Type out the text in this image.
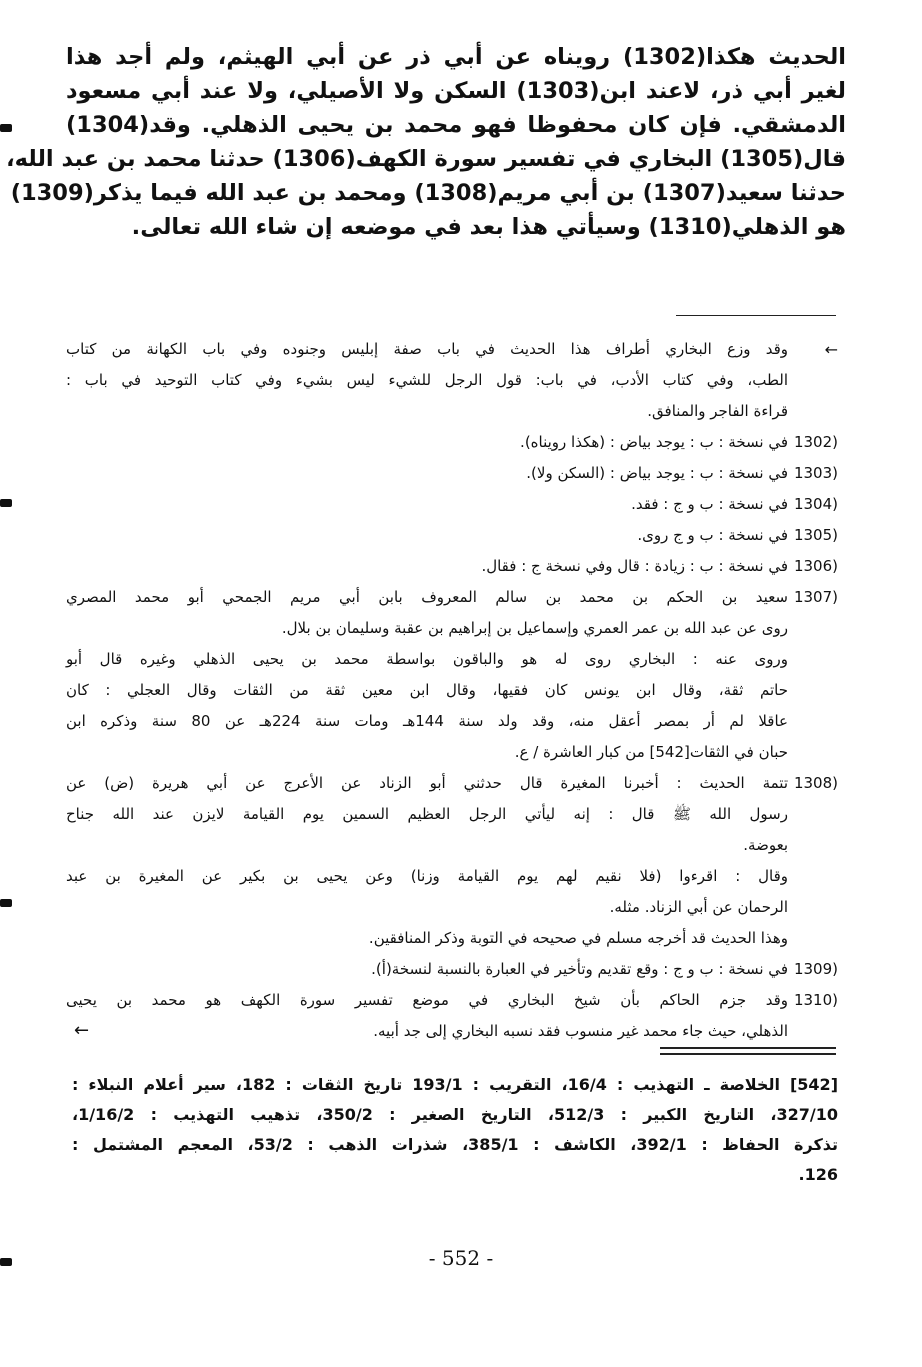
الحديث هكذا(1302) رويناه عن أبي ذر عن أبي الهيثم، ولم أجد هذا
لغير أبي ذر، لاعند ابن(1303) السكن ولا الأصيلي، ولا عند أبي مسعود
الدمشقي. فإن كان محفوظا فهو محمد بن يحيى الذهلي. وقد(1304)
قال(1305) البخاري في تفسير سورة الكهف(1306) حدثنا محمد بن عبد الله،
حدثنا سعيد(1307) بن أبي مريم(1308) ومحمد بن عبد الله فيما يذكر(1309)
هو الذهلي(1310) وسيأتي هذا بعد في موضعه إن شاء الله تعالى.
←
وقد وزع البخاري أطراف هذا الحديث في باب صفة إبليس وجنوده وفي باب الكهانة من كتاب
الطب، وفي كتاب الأدب، في باب: قول الرجل للشيء ليس بشيء وفي كتاب التوحيد في باب :
قراءة الفاجر والمنافق.
1302)
في نسخة : ب : يوجد بياض : (هكذا رويناه).
1303)
في نسخة : ب : يوجد بياض : (السكن ولا).
1304)
في نسخة : ب و ج : فقد.
1305)
في نسخة : ب و ج روى.
1306)
في نسخة : ب : زيادة : قال وفي نسخة ج : فقال.
1307)
سعيد بن الحكم بن محمد بن سالم المعروف بابن أبي مريم الجمحي أبو محمد المصري
روى عن عبد الله بن عمر العمري وإسماعيل بن إبراهيم بن عقبة وسليمان بن بلال.
وروى عنه : البخاري روى له هو والباقون بواسطة محمد بن يحيى الذهلي وغيره قال أبو
حاتم ثقة، وقال ابن يونس كان فقيها، وقال ابن معين ثقة من الثقات وقال العجلي : كان
عاقلا لم أر بمصر أعقل منه، وقد ولد سنة 144هـ ومات سنة 224هـ عن 80 سنة وذكره ابن
حبان في الثقات[542] من كبار العاشرة / ع.
1308)
تتمة الحديث : أخبرنا المغيرة قال حدثني أبو الزناد عن الأعرج عن أبي هريرة (ض) عن
رسول الله ﷺ قال : إنه ليأتي الرجل العظيم السمين يوم القيامة لايزن عند الله جناح
بعوضة.
وقال : اقرءوا (فلا نقيم لهم يوم القيامة وزنا) وعن يحيى بن بكير عن المغيرة بن عبد
الرحمان عن أبي الزناد. مثله.
وهذا الحديث قد أخرجه مسلم في صحيحه في التوبة وذكر المنافقين.
1309)
في نسخة : ب و ج : وقع تقديم وتأخير في العبارة بالنسبة لنسخة(أ).
1310)
وقد جزم الحاكم بأن شيخ البخاري في موضع تفسير سورة الكهف هو محمد بن يحيى
الذهلي، حيث جاء محمد غير منسوب فقد نسبه البخاري إلى جد أبيه.
←
[542] الخلاصة ـ التهذيب : 16/4، التقريب : 193/1 تاريخ الثقات : 182، سير أعلام النبلاء :
327/10، التاريخ الكبير : 512/3، التاريخ الصغير : 350/2، تذهيب التهذيب : 1/16/2،
تذكرة الحفاظ : 392/1، الكاشف : 385/1، شذرات الذهب : 53/2، المعجم المشتمل :
126.
- 552 -
